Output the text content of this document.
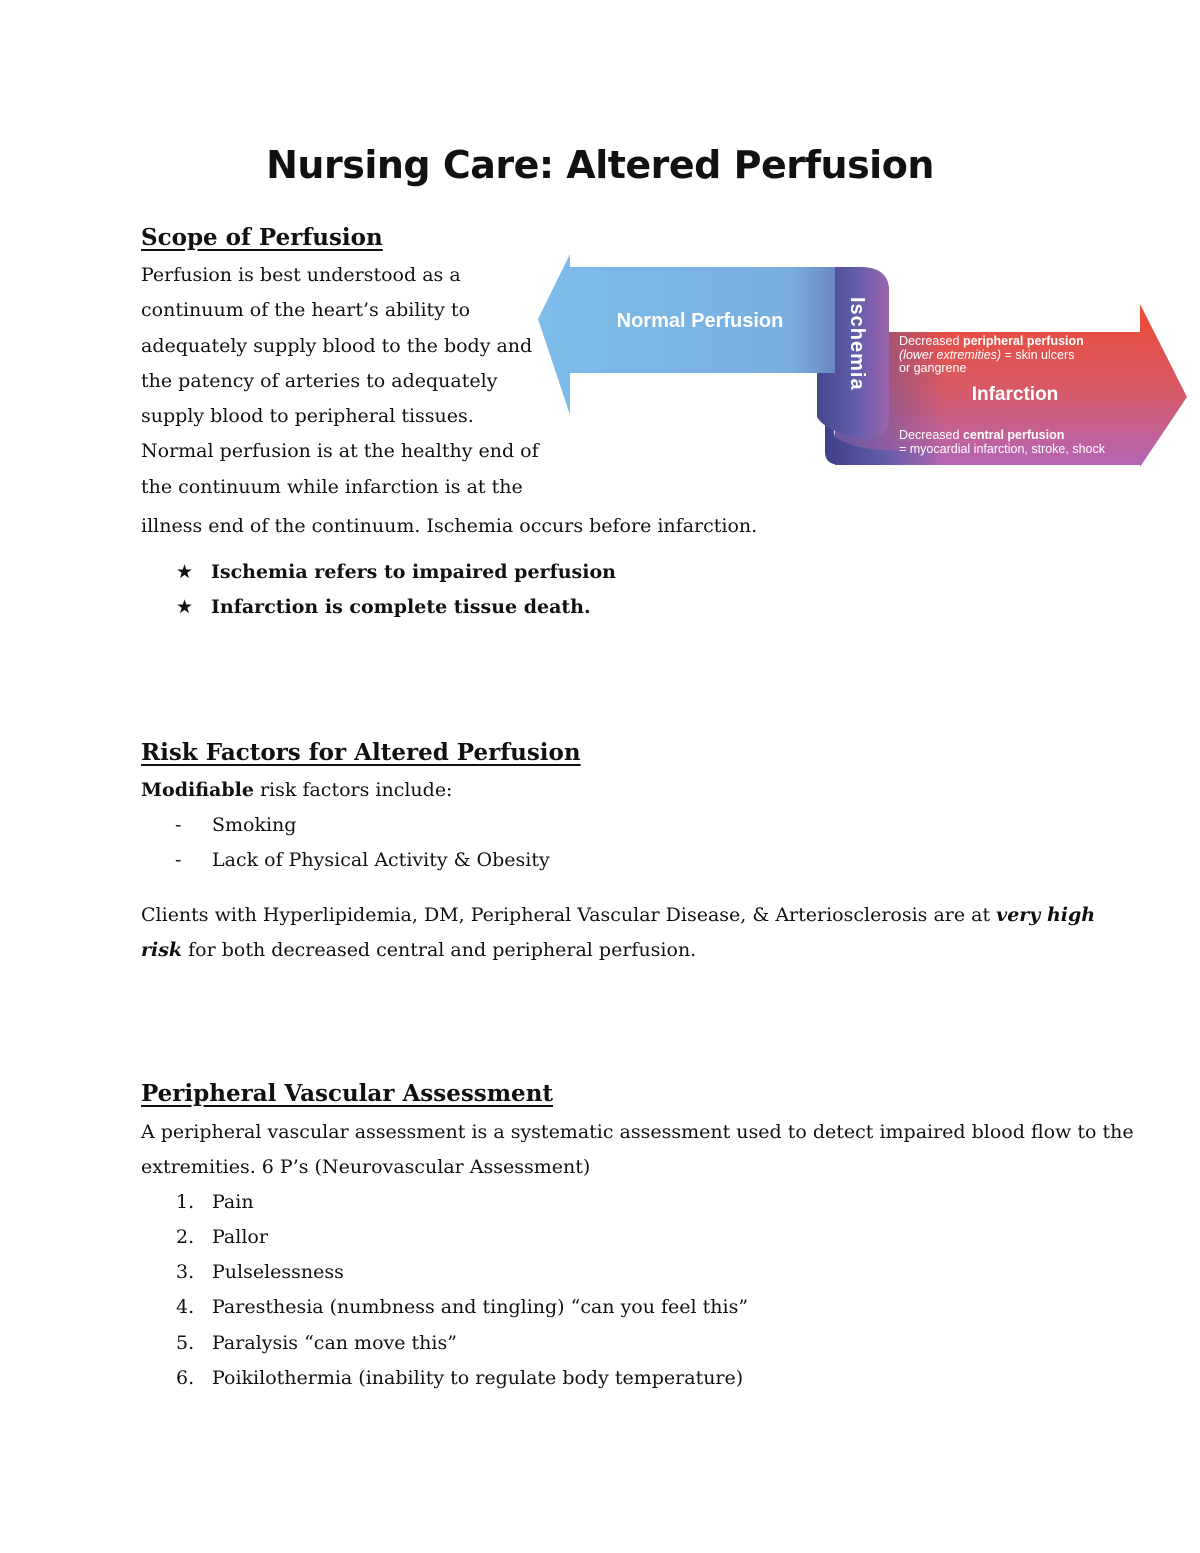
Nursing Care: Altered Perfusion
Scope of Perfusion
Perfusion is best understood as a
continuum of the heart’s ability to
adequately supply blood to the body and
the patency of arteries to adequately
supply blood to peripheral tissues.
Normal perfusion is at the healthy end of
the continuum while infarction is at the
illness end of the continuum. Ischemia occurs before infarction.
★ Ischemia refers to impaired perfusion
★ Infarction is complete tissue death.
Normal Perfusion	Ischemia
Infarction
Decreased peripheral perfusion
(lower extremities) = skin ulcers
or gangrene
Decreased central perfusion
= myocardial infarction, stroke, shock
Risk Factors for Altered Perfusion
Modifiable risk factors include:
- Smoking
- Lack of Physical Activity & Obesity
Clients with Hyperlipidemia, DM, Peripheral Vascular Disease, & Arteriosclerosis are at very high
risk for both decreased central and peripheral perfusion.
Peripheral Vascular Assessment
A peripheral vascular assessment is a systematic assessment used to detect impaired blood flow to the
extremities. 6 P’s (Neurovascular Assessment)
1. Pain
2. Pallor
3. Pulselessness
4. Paresthesia (numbness and tingling) “can you feel this”
5. Paralysis “can move this”
6. Poikilothermia (inability to regulate body temperature)
